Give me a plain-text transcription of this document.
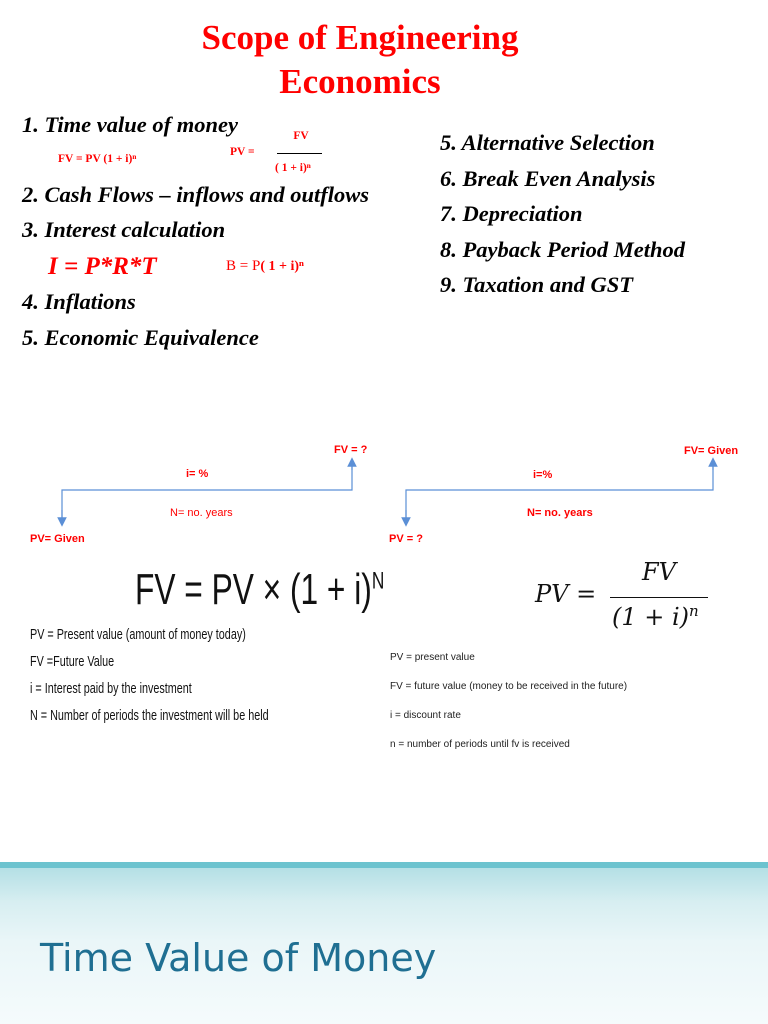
Scope of Engineering
Economics
1. Time value of money
FV = PV (1 + i)ⁿ
PV =
FV
( 1 + i)ⁿ
2. Cash Flows – inflows and outflows
3. Interest calculation
I = P*R*T	B = P( 1 + i)ⁿ
4. Inflations
5. Economic Equivalence
5. Alternative Selection
6. Break Even Analysis
7. Depreciation
8. Payback Period Method
9. Taxation and GST
FV = ?
i= %
N= no. years
PV= Given
FV = PV × $(1 + i)^N$
PV = Present value (amount of money today)
FV =Future Value
i = Interest paid by the investment
N = Number of periods the investment will be held
FV= Given
i=%
N= no. years
PV = ?
PV =
FV
$(1 + i)^n$
PV = present value
FV = future value (money to be received in the future)
i = discount rate
n = number of periods until fv is received
Time Value of Money
